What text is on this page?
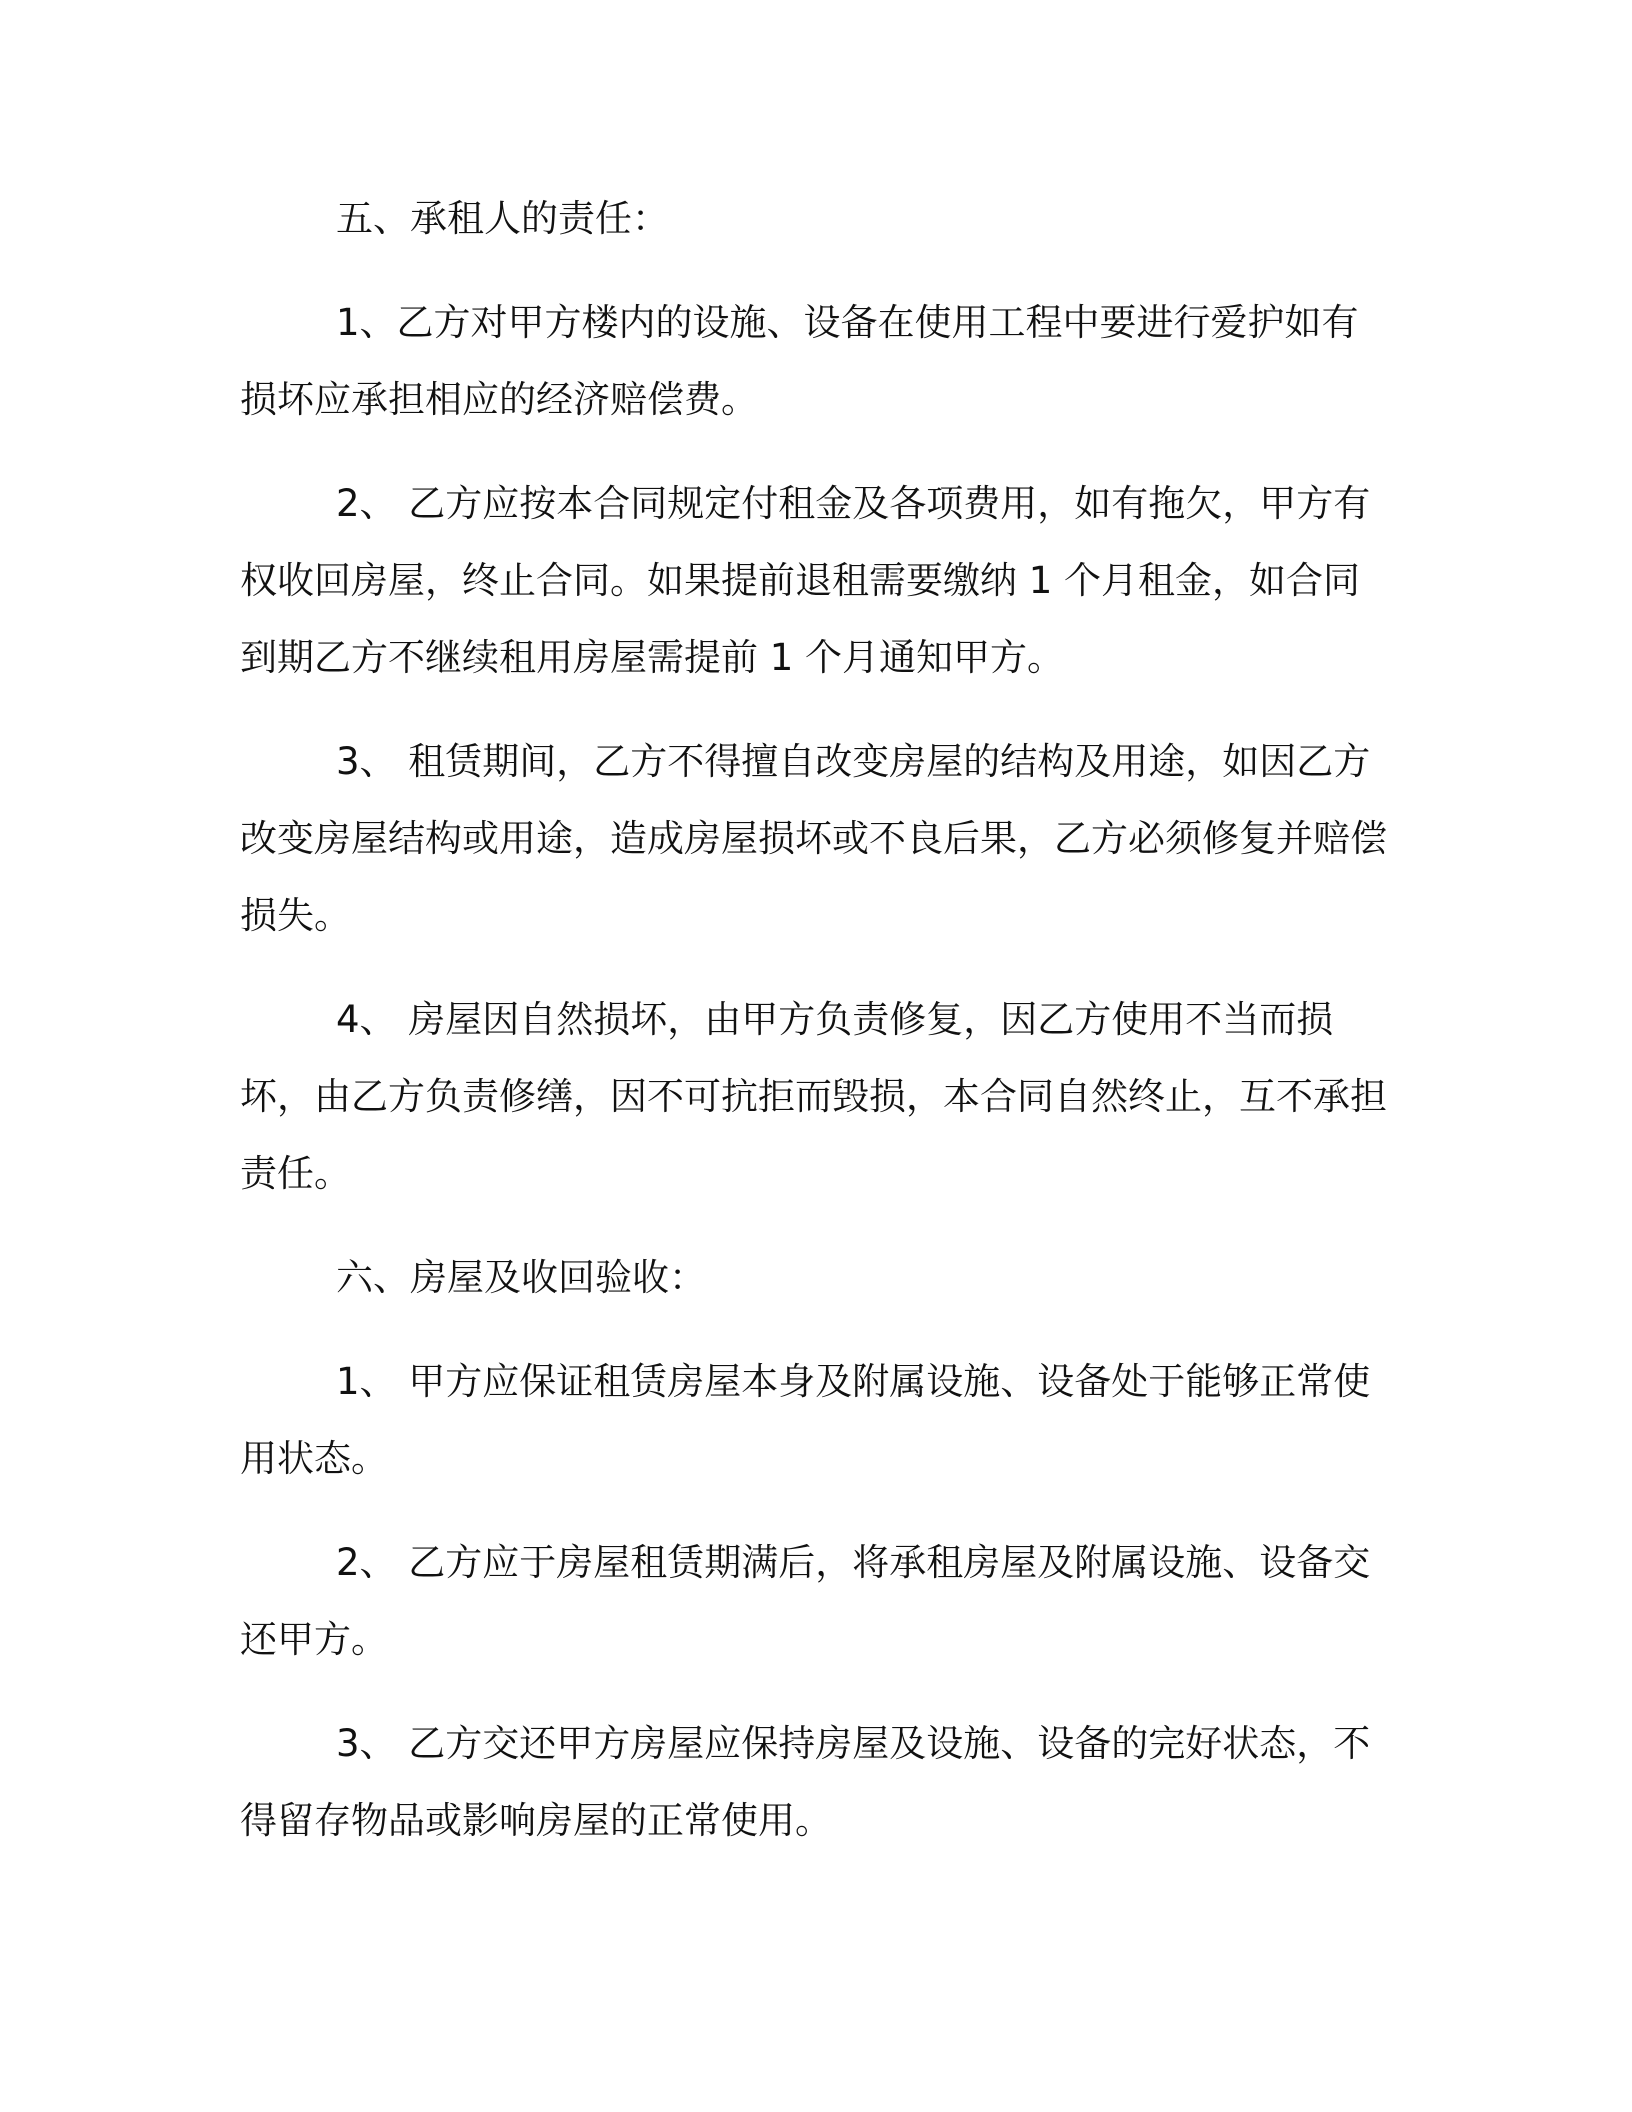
五、承租人的责任：

1、乙方对甲方楼内的设施、设备在使用工程中要进行爱护如有损坏应承担相应的经济赔偿费。

2、 乙方应按本合同规定付租金及各项费用，如有拖欠，甲方有权收回房屋，终止合同。如果提前退租需要缴纳 1 个月租金，如合同到期乙方不继续租用房屋需提前 1 个月通知甲方。

3、 租赁期间，乙方不得擅自改变房屋的结构及用途，如因乙方改变房屋结构或用途，造成房屋损坏或不良后果，乙方必须修复并赔偿损失。

4、 房屋因自然损坏，由甲方负责修复，因乙方使用不当而损坏，由乙方负责修缮，因不可抗拒而毁损，本合同自然终止，互不承担责任。

六、房屋及收回验收：

1、 甲方应保证租赁房屋本身及附属设施、设备处于能够正常使用状态。

2、 乙方应于房屋租赁期满后，将承租房屋及附属设施、设备交还甲方。

3、 乙方交还甲方房屋应保持房屋及设施、设备的完好状态，不得留存物品或影响房屋的正常使用。
